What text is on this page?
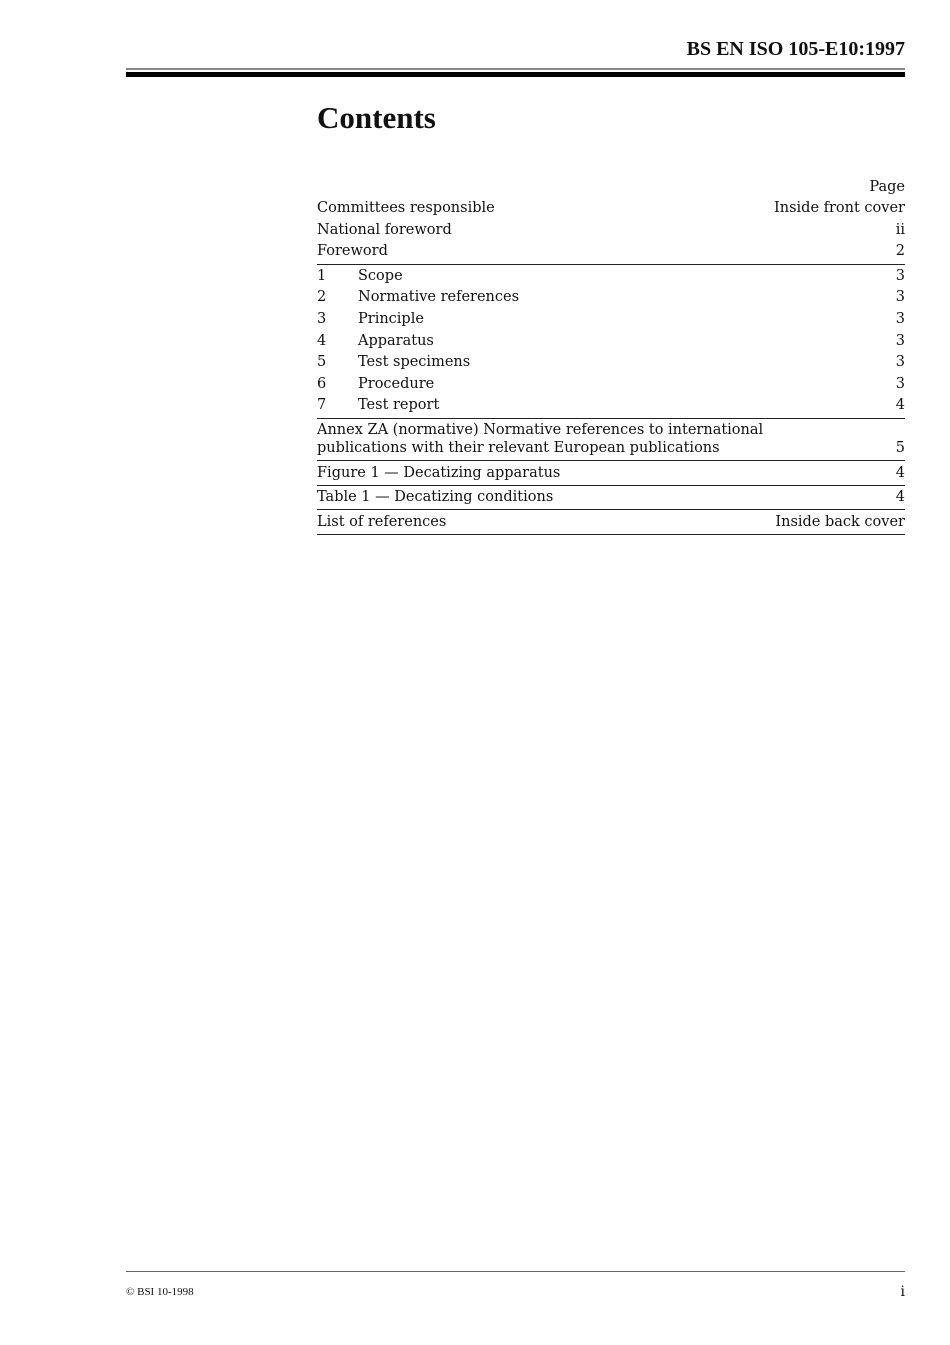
BS EN ISO 105-E10:1997
Contents
Page
Committees responsible	Inside front cover
National foreword	ii
Foreword	2
1 Scope	3
2 Normative references	3
3 Principle	3
4 Apparatus	3
5 Test specimens	3
6 Procedure	3
7 Test report	4
Annex ZA (normative) Normative references to international
publications with their relevant European publications	5
Figure 1 — Decatizing apparatus	4
Table 1 — Decatizing conditions	4
List of references	Inside back cover
© BSI 10-1998	i
